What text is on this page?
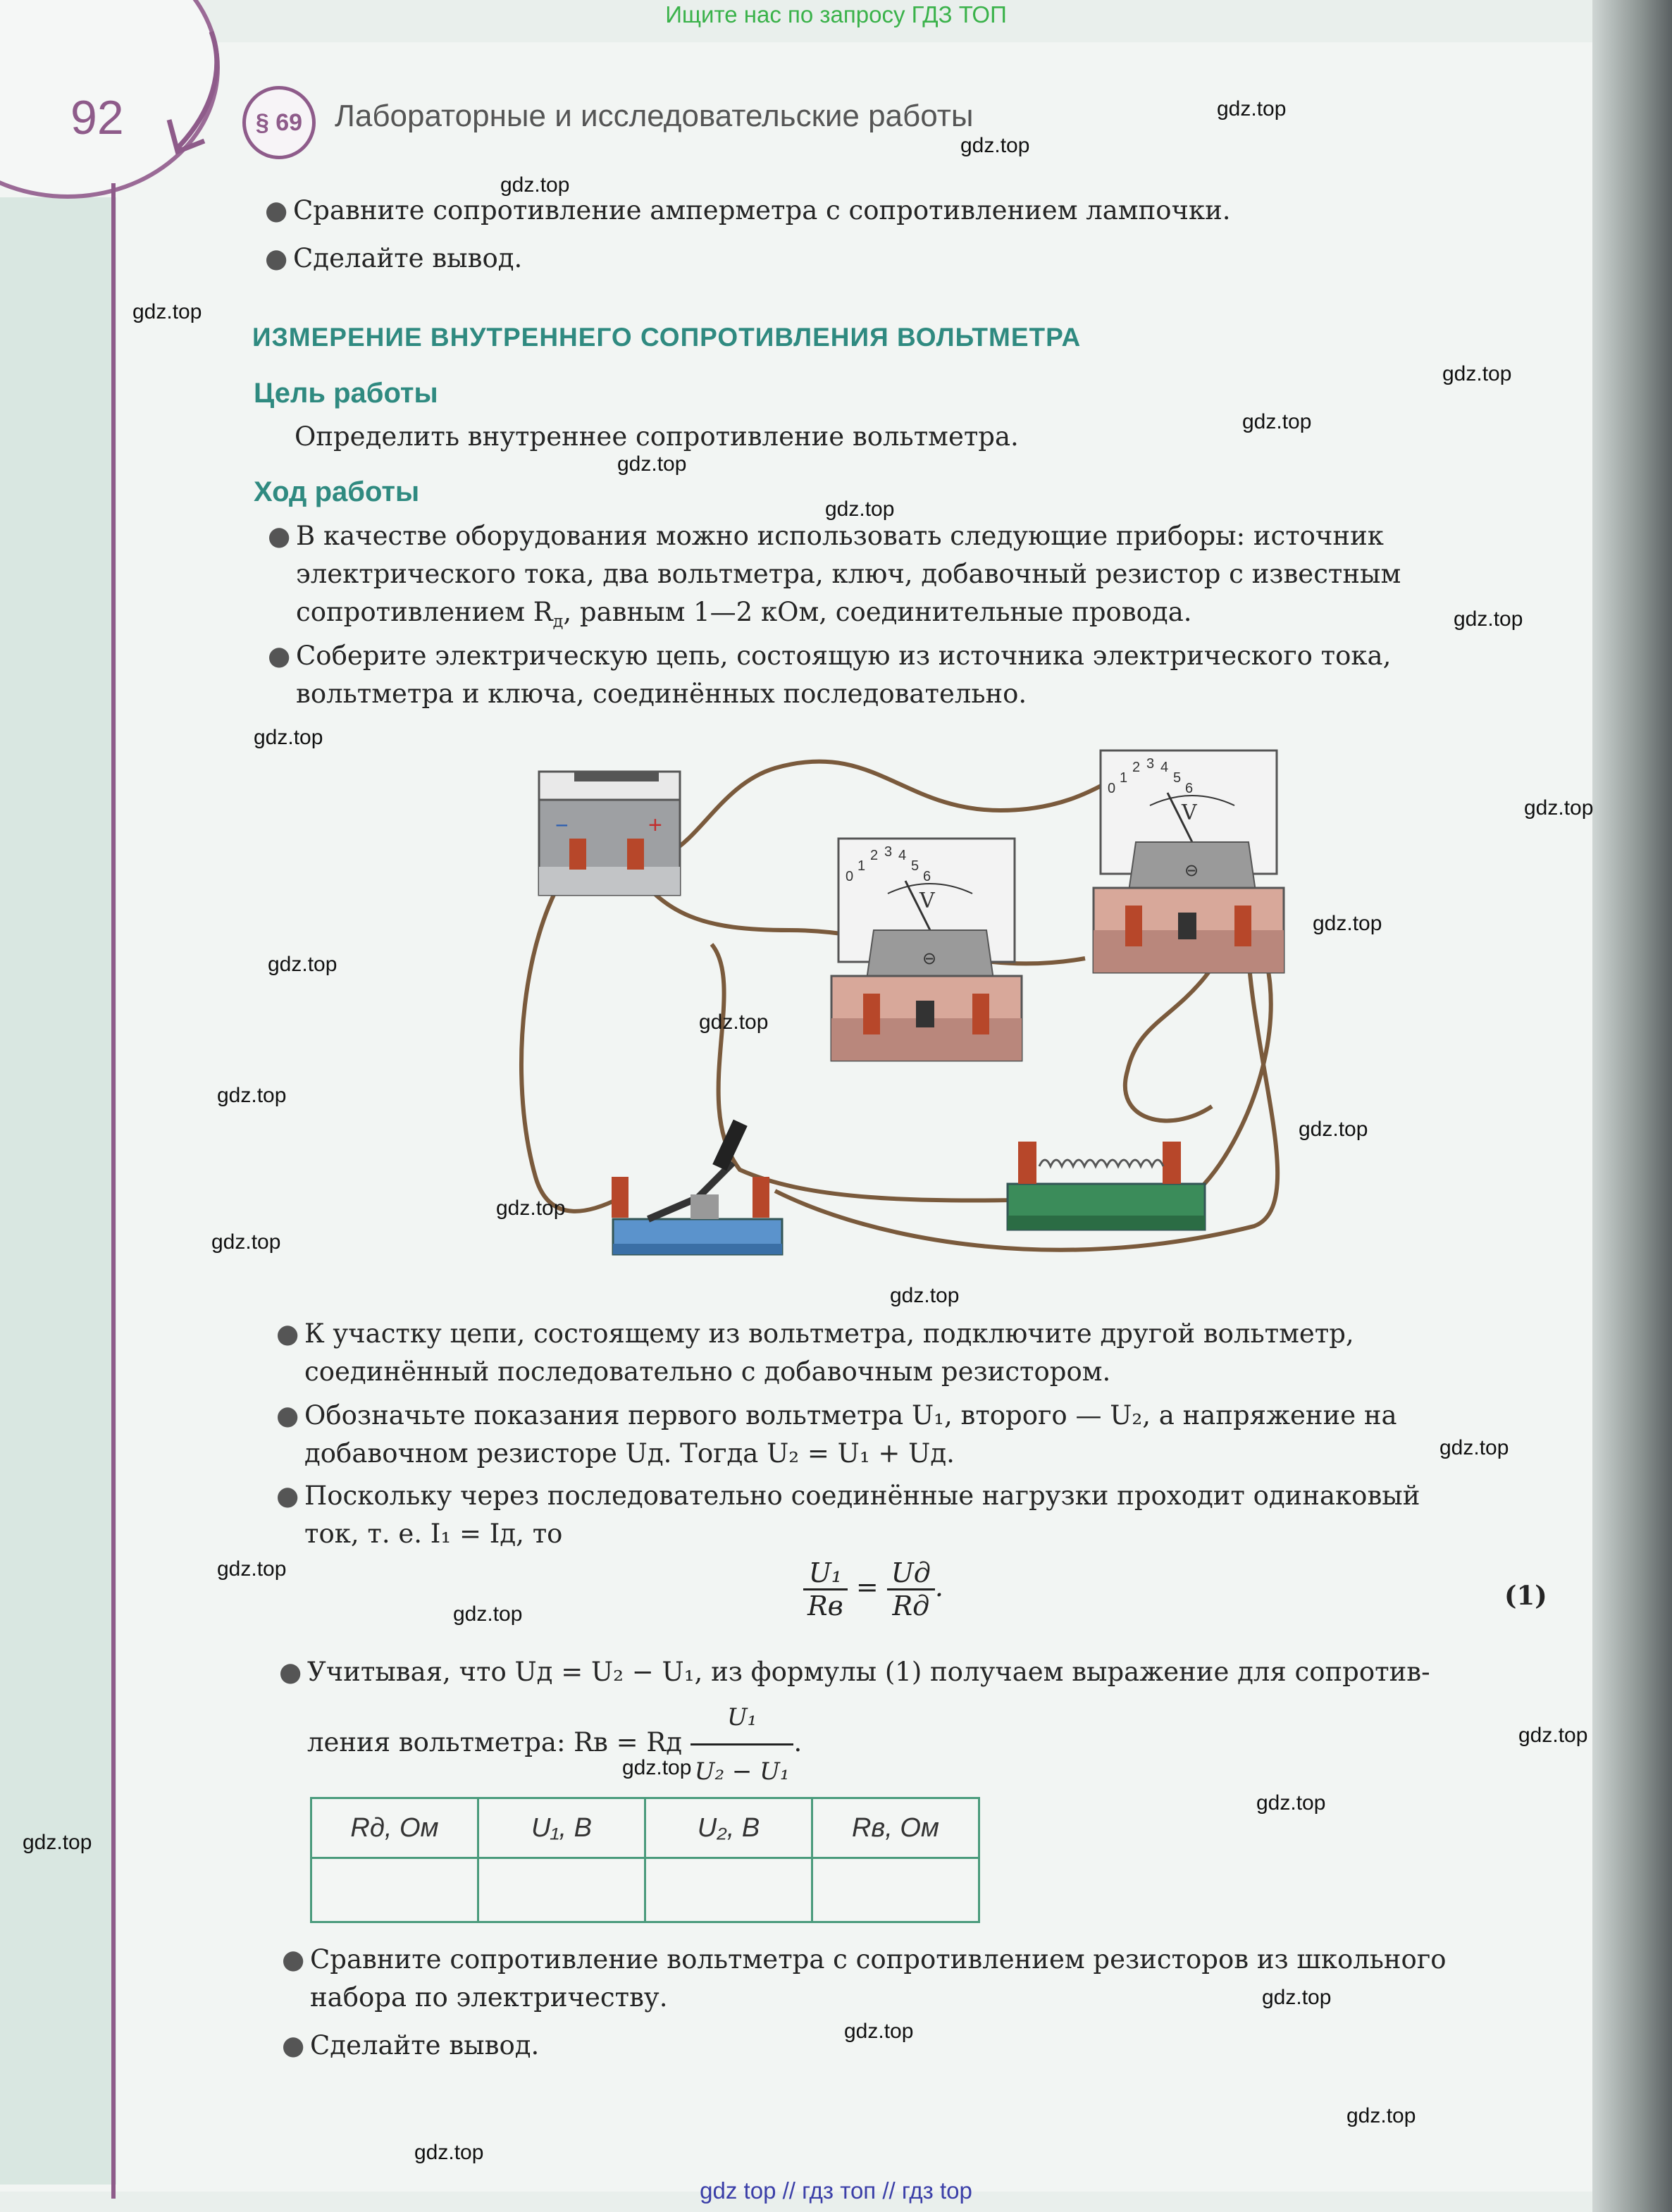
Ищите нас по запросу ГДЗ ТОП
92	§ 69	Лабораторные и исследовательские работы
● Сравните сопротивление амперметра с сопротивлением лампочки.
● Сделайте вывод.
ИЗМЕРЕНИЕ ВНУТРЕННЕГО СОПРОТИВЛЕНИЯ ВОЛЬТМЕТРА
Цель работы
Определить внутреннее сопротивление вольтметра.
Ход работы
● В качестве оборудования можно использовать следующие приборы: источник
электрического тока, два вольтметра, ключ, добавочный резистор с известным
сопротивлением $R_д$, равным 1—2 кОм, соединительные провода.
● Соберите электрическую цепь, состоящую из источника электрического тока,
вольтметра и ключа, соединённых последовательно.
−	+
0
1
2 3 4
5
6
V
⊖
0
1
2 3 4
5
6
V
⊖
● К участку цепи, состоящему из вольтметра, подключите другой вольтметр,
соединённый последовательно с добавочным резистором.
● Обозначьте показания первого вольтметра U₁, второго — U₂, а напряжение на
добавочном резисторе Uд. Тогда U₂ = U₁ + Uд.
● Поскольку через последовательно соединённые нагрузки проходит одинаковый
ток, т. е. I₁ = Iд, то
$\frac{\text{U₁}}{Rв} = \frac{Uд}{Rд}$ .	(1)
● Учитывая, что Uд = U₂ − U₁, из формулы (1) получаем выражение для сопротив-
ления вольтметра: Rв = Rд $\frac{\text{U₁}}{\text{U₂ − U₁}}$ .
Rд, Ом	U₁, В	U₂, В	Rв, Ом

● Сравните сопротивление вольтметра с сопротивлением резисторов из школьного
набора по электричеству.
● Сделайте вывод.
gdz.top
gdz.top
gdz.top
gdz.top
gdz.top
gdz.top
gdz.top
gdz.top
gdz.top
gdz.top
gdz.top
gdz.top
gdz.top
gdz.top
gdz.top
gdz.top
gdz.top
gdz.top
gdz.top
gdz.top
gdz.top
gdz.top
gdz.top
gdz.top
gdz.top
gdz.top
gdz.top
gdz.top
gdz.top
gdz.top
gdz top // гдз топ // гдз top
